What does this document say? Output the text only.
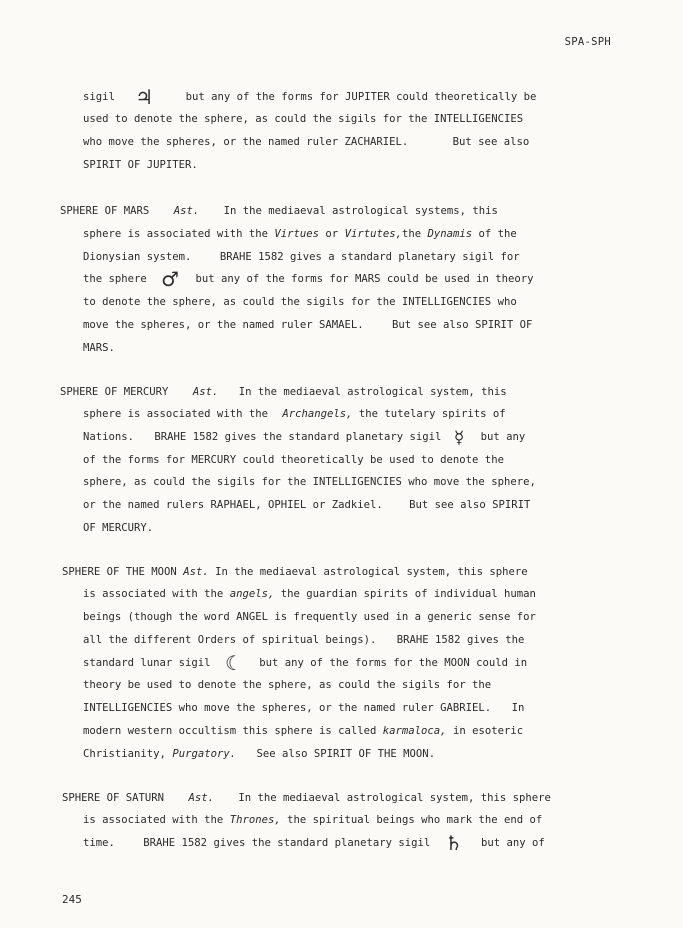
SPA-SPH
sigil ♃	but any of the forms for JUPITER could theoretically be
used to denote the sphere, as could the sigils for the INTELLIGENCIES
who move the spheres, or the named ruler ZACHARIEL.	But see also
SPIRIT OF JUPITER.
SPHERE OF MARS Ast. In the mediaeval astrological systems, this
sphere is associated with the Virtues or Virtutes,the Dynamis of the
Dionysian system.	BRAHE 1582 gives a standard planetary sigil for
the sphere ♂ but any of the forms for MARS could be used in theory
to denote the sphere, as could the sigils for the INTELLIGENCIES who
move the spheres, or the named ruler SAMAEL.	But see also SPIRIT OF
MARS.
SPHERE OF MERCURY Ast. In the mediaeval astrological system, this
sphere is associated with the Archangels, the tutelary spirits of
Nations. BRAHE 1582 gives the standard planetary sigil ☿ but any
of the forms for MERCURY could theoretically be used to denote the
sphere, as could the sigils for the INTELLIGENCIES who move the sphere,
or the named rulers RAPHAEL, OPHIEL or Zadkiel. But see also SPIRIT
OF MERCURY.
SPHERE OF THE MOON Ast. In the mediaeval astrological system, this sphere
is associated with the angels, the guardian spirits of individual human
beings (though the word ANGEL is frequently used in a generic sense for
all the different Orders of spiritual beings). BRAHE 1582 gives the
standard lunar sigil ☾ but any of the forms for the MOON could in
theory be used to denote the sphere, as could the sigils for the
INTELLIGENCIES who move the spheres, or the named ruler GABRIEL. In
modern western occultism this sphere is called karmaloca, in esoteric
Christianity, Purgatory. See also SPIRIT OF THE MOON.
SPHERE OF SATURN Ast. In the mediaeval astrological system, this sphere
is associated with the Thrones, the spiritual beings who mark the end of
time.	BRAHE 1582 gives the standard planetary sigil ♄ but any of
245
